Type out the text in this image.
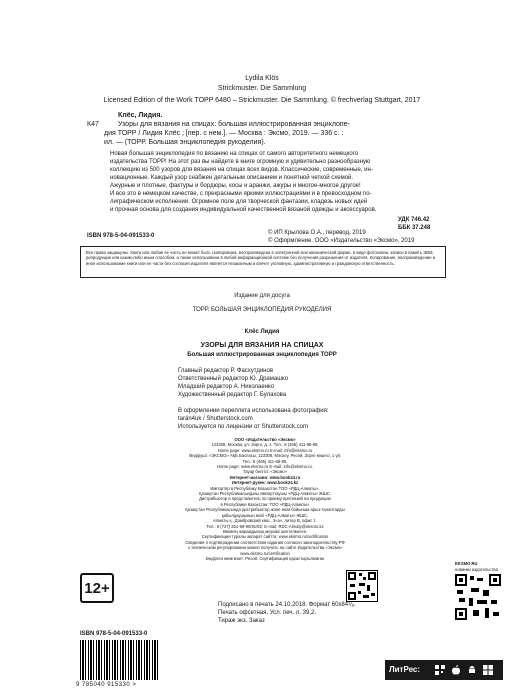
Lydila Klös
Strickmuster. Die Sammlung
Licensed Edition of the Work TOPP 6480 – Strickmuster. Die Sammlung. © frechverlag Stuttgart, 2017
Клёс, Лидия.
К47	Узоры для вязания на спицах: большая иллюстрированная энциклопе-
дия ТОРР / Лидия Клёс ; [пер. с нем.]. — Москва : Эксмо, 2019. — 336 с. :
ил. — (ТОРР. Большая энциклопедия рукоделия).
Новая большая энциклопедия по вязанию на спицах от самого авторитетного немецкого
издательства ТОРР! На этот раз вы найдете в книге огромную и удивительно разнообразную
коллекцию из 500 узоров для вязания на спицах всех видов. Классические, современные, ин-
новационные. Каждый узор снабжен детальным описанием и понятной четкой схемой.
Ажурные и плотные, фактуры и бордюры, косы и аранжи, ажуры и многое-многое другое!
И все это в немецком качестве, с прекрасными яркими иллюстрациями и в превосходном по-
лиграфическом исполнении. Огромное поле для творческой фантазии, кладезь новых идей
и прочная основа для создания индивидуальной качественной вязаной одежды и аксессуаров.
УДК 746.42
ББК 37.248
ISBN 978-5-04-091533-0	© ИП Крылова О.А., перевод, 2019
© Оформление. ООО «Издательство «Эксмо», 2019
Все права защищены. Книга или любая ее часть не может быть скопирована, воспроизведена в электронной или механической форме, в виде фотокопии, записи в память ЭВМ, репродукции или каким-либо иным способом, а также использована в любой информационной системе без получения разрешения от издателя. Копирование, воспроизведение и иное использование книги или ее части без согласия издателя является незаконным и влечет уголовную, административную и гражданскую ответственность.
Издание для досуга
ТОРР. БОЛЬШАЯ ЭНЦИКЛОПЕДИЯ РУКОДЕЛИЯ
Клёс Лидия
УЗОРЫ ДЛЯ ВЯЗАНИЯ НА СПИЦАХ
Большая иллюстрированная энциклопедия ТОРР
Главный редактор Р. Фасхутдинов
Ответственный редактор Ю. Драмашко
Младший редактор А. Николаенко
Художественный редактор Г. Булахова
В оформлении переплета использована фотография:
tarán4uk / Shutterstock.com
Используется по лицензии от Shutterstock.com
ООО «Издательство «Эксмо»
123308, Москва, ул. Зорге, д. 1. Тел.: 8 (495) 411-68-86.
Home page: www.eksmo.ru E-mail: info@eksmo.ru
Өндіруші: «ЭКСМО» АҚБ Баспасы, 123308, Мәскеу, Ресей, Зорге көшесі, 1 үй.
Тел.: 8 (495) 411-68-86.
Home page: www.eksmo.ru E-mail: info@eksmo.ru.
Тауар белгісі: «Эксмо»
Интернет-магазин: www.book24.ru
Интернет-дүкен: www.book24.kz
Импортёр в Республику Казахстан ТОО «РДЦ-Алматы».
Қазақстан Республикасындағы импорттаушы «РДЦ-Алматы» ЖШС.
Дистрибьютор и представитель по приему претензий на продукцию
в Республике Казахстан: ТОО «РДЦ-Алматы»
Қазақстан Республикасында дистрибьютор және өнім бойынша арыз-талаптарды
қабылдаушының өкілі «РДЦ-Алматы» ЖШС,
Алматы қ., Домбровский көш., 3«а», литер Б, офис 1.
Тел.: 8 (727) 251-59-90/91/92; E-mail: RDC-Almaty@eksmo.kz
Өнімнің жарамдылық мерзімі шектелмеген.
Сертификация туралы ақпарат сайтта: www.eksmo.ru/certification
Сведения о подтверждении соответствия издания согласно законодательству РФ
о техническом регулировании можно получить на сайте Издательства «Эксмо»
www.eksmo.ru/certification
Өндірген мемлекет: Ресей. Сертификация қарастырылмаған
12+
Подписано в печать 24.10.2018. Формат 60x84¹/₈.
Печать офсетная. Усл. печ. л. 39,2.
Тираж экз. Заказ
EKSMO.RU
новинки издательства
ISBN 978-5-04-091533-0
9 785040 915330 >
ЛитРес:
